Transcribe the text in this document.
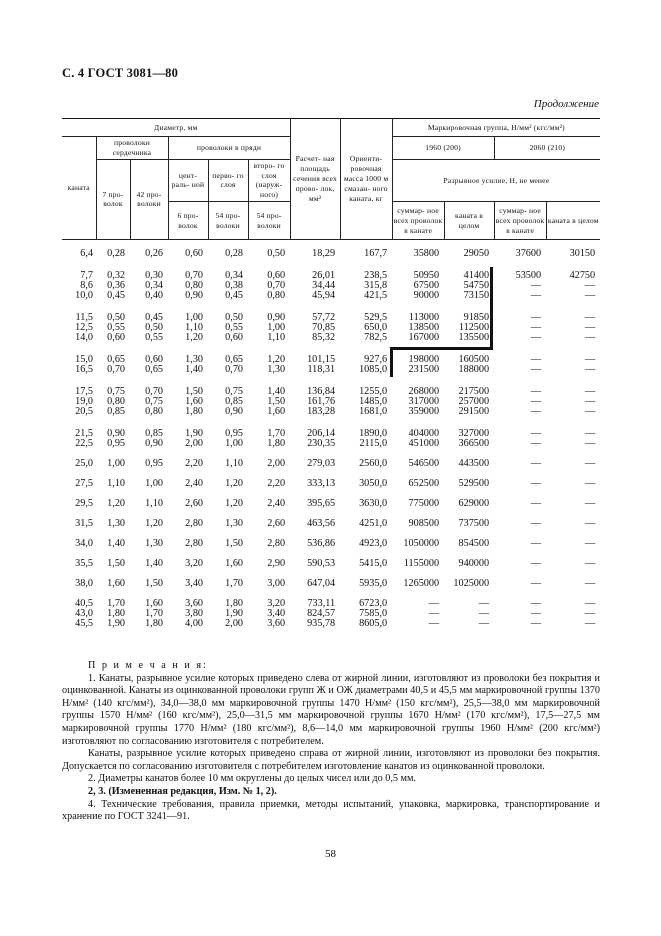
С. 4 ГОСТ 3081—80
Продолжение
Диаметр, мм						Расчет- ная площадь сечения всех прово- лок, мм²	Ориенти- ровочная масса 1000 м смазан- ного каната, кг	Маркировочная группа, Н/мм² (кгс/мм²)			
каната	проволоки сердечника		проволоки в пряди					1960 (200)		2060 (210)	
	7 про- волок	42 про- волоки	цент- раль- ной	перво- го слоя	второ- го слоя (наруж- ного)			Разрывное усилие, Н, не менее			
			6 про- волок	54 про- волоки	54 про- волоки			суммар- ное всех проволок в канате	каната в целом	суммар- ное всех проволок в канате	каната в целом

6,4	0,28	0,26	0,60	0,28	0,50	18,29	167,7	35800	29050	37600	30150
7,7	0,32	0,30	0,70	0,34	0,60	26,01	238,5	50950	41400	53500	42750
8,6	0,36	0,34	0,80	0,38	0,70	34,44	315,8	67500	54750	—	—
10,0	0,45	0,40	0,90	0,45	0,80	45,94	421,5	90000	73150	—	—
11,5	0,50	0,45	1,00	0,50	0,90	57,72	529,5	113000	91850	—	—
12,5	0,55	0,50	1,10	0,55	1,00	70,85	650,0	138500	112500	—	—
14,0	0,60	0,55	1,20	0,60	1,10	85,32	782,5	167000	135500	—	—
15,0	0,65	0,60	1,30	0,65	1,20	101,15	927,6	198000	160500	—	—
16,5	0,70	0,65	1,40	0,70	1,30	118,31	1085,0	231500	188000	—	—
17,5	0,75	0,70	1,50	0,75	1,40	136,84	1255,0	268000	217500	—	—
19,0	0,80	0,75	1,60	0,85	1,50	161,76	1485,0	317000	257000	—	—
20,5	0,85	0,80	1,80	0,90	1,60	183,28	1681,0	359000	291500	—	—
21,5	0,90	0,85	1,90	0,95	1,70	206,14	1890,0	404000	327000	—	—
22,5	0,95	0,90	2,00	1,00	1,80	230,35	2115,0	451000	366500	—	—
25,0	1,00	0,95	2,20	1,10	2,00	279,03	2560,0	546500	443500	—	—
27,5	1,10	1,00	2,40	1,20	2,20	333,13	3050,0	652500	529500	—	—
29,5	1,20	1,10	2,60	1,20	2,40	395,65	3630,0	775000	629000	—	—
31,5	1,30	1,20	2,80	1,30	2,60	463,56	4251,0	908500	737500	—	—
34,0	1,40	1,30	2,80	1,50	2,80	536,86	4923,0	1050000	854500	—	—
35,5	1,50	1,40	3,20	1,60	2,90	590,53	5415,0	1155000	940000	—	—
38,0	1,60	1,50	3,40	1,70	3,00	647,04	5935,0	1265000	1025000	—	—
40,5	1,70	1,60	3,60	1,80	3,20	733,11	6723,0	—	—	—	—
43,0	1,80	1,70	3,80	1,90	3,40	824,57	7585,0	—	—	—	—
45,5	1,90	1,80	4,00	2,00	3,60	935,78	8605,0	—	—	—	—

П р и м е ч а н и я:

1. Канаты, разрывное усилие которых приведено слева от жирной линии, изготовляют из проволоки без покрытия и оцинкованной. Канаты из оцинкованной проволоки групп Ж и ОЖ диаметрами 40,5 и 45,5 мм маркировочной группы 1370 Н/мм² (140 кгс/мм²), 34,0—38,0 мм маркировочной группы 1470 Н/мм² (150 кгс/мм²), 25,5—38,0 мм маркировочной группы 1570 Н/мм² (160 кгс/мм²), 25,0—31,5 мм маркировочной группы 1670 Н/мм² (170 кгс/мм²), 17,5—27,5 мм маркировочной группы 1770 Н/мм² (180 кгс/мм²), 8,6—14,0 мм маркировочной группы 1960 Н/мм² (200 кгс/мм²) изготовляют по согласованию изготовителя с потребителем.

Канаты, разрывное усилие которых приведено справа от жирной линии, изготовляют из проволоки без покрытия. Допускается по согласованию изготовителя с потребителем изготовление канатов из оцинкованной проволоки.

2. Диаметры канатов более 10 мм округлены до целых чисел или до 0,5 мм.

2, 3. (Измененная редакция, Изм. № 1, 2).

4. Технические требования, правила приемки, методы испытаний, упаковка, маркировка, транспортирование и хранение по ГОСТ 3241—91.

58
